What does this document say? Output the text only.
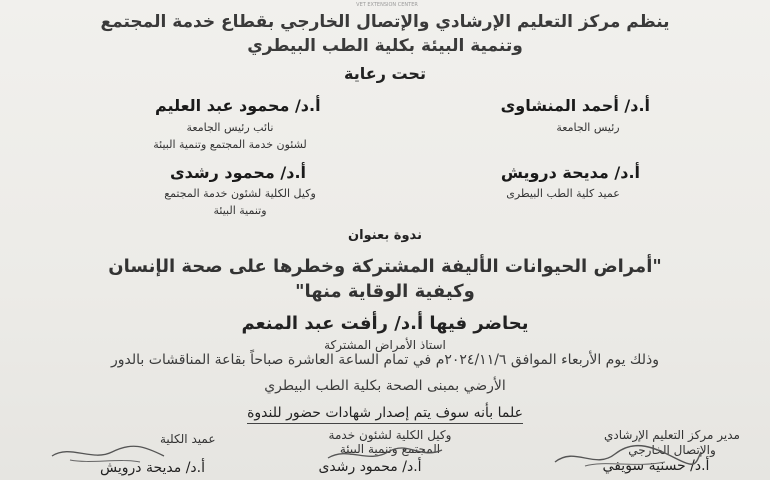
VET EXTENSION CENTER
ينظم مركز التعليم الإرشادي والإتصال الخارجي بقطاع خدمة المجتمع
وتنمية البيئة بكلية الطب البيطري
تحت رعاية
أ.د/ أحمد المنشاوى
رئيس الجامعة
أ.د/ محمود عبد العليم
نائب رئيس الجامعة
لشئون خدمة المجتمع وتنمية البيئة
أ.د/ مديحة درويش
عميد كلية الطب البيطرى
أ.د/ محمود رشدى
وكيل الكلية لشئون خدمة المجتمع
وتنمية البيئة
ندوة بعنوان
"أمراض الحيوانات الأليفة المشتركة وخطرها على صحة الإنسان
وكيفية الوقاية منها"
يحاضر فيها أ.د/ رأفت عبد المنعم
استاذ الأمراض المشتركة
وذلك يوم الأربعاء الموافق ٢٠٢٤/١١/٦م في تمام الساعة العاشرة صباحاً بقاعة المناقشات بالدور
الأرضي بمبنى الصحة بكلية الطب البيطري
علما بأنه سوف يتم إصدار شهادات حضور للندوة
مدير مركز التعليم الإرشادي
والإتصال الخارجي
أ.د/ حسنية سويفي
وكيل الكلية لشئون خدمة
المجتمع وتنمية البيئة
أ.د/ محمود رشدى
عميد الكلية
أ.د/ مديحة درويش
